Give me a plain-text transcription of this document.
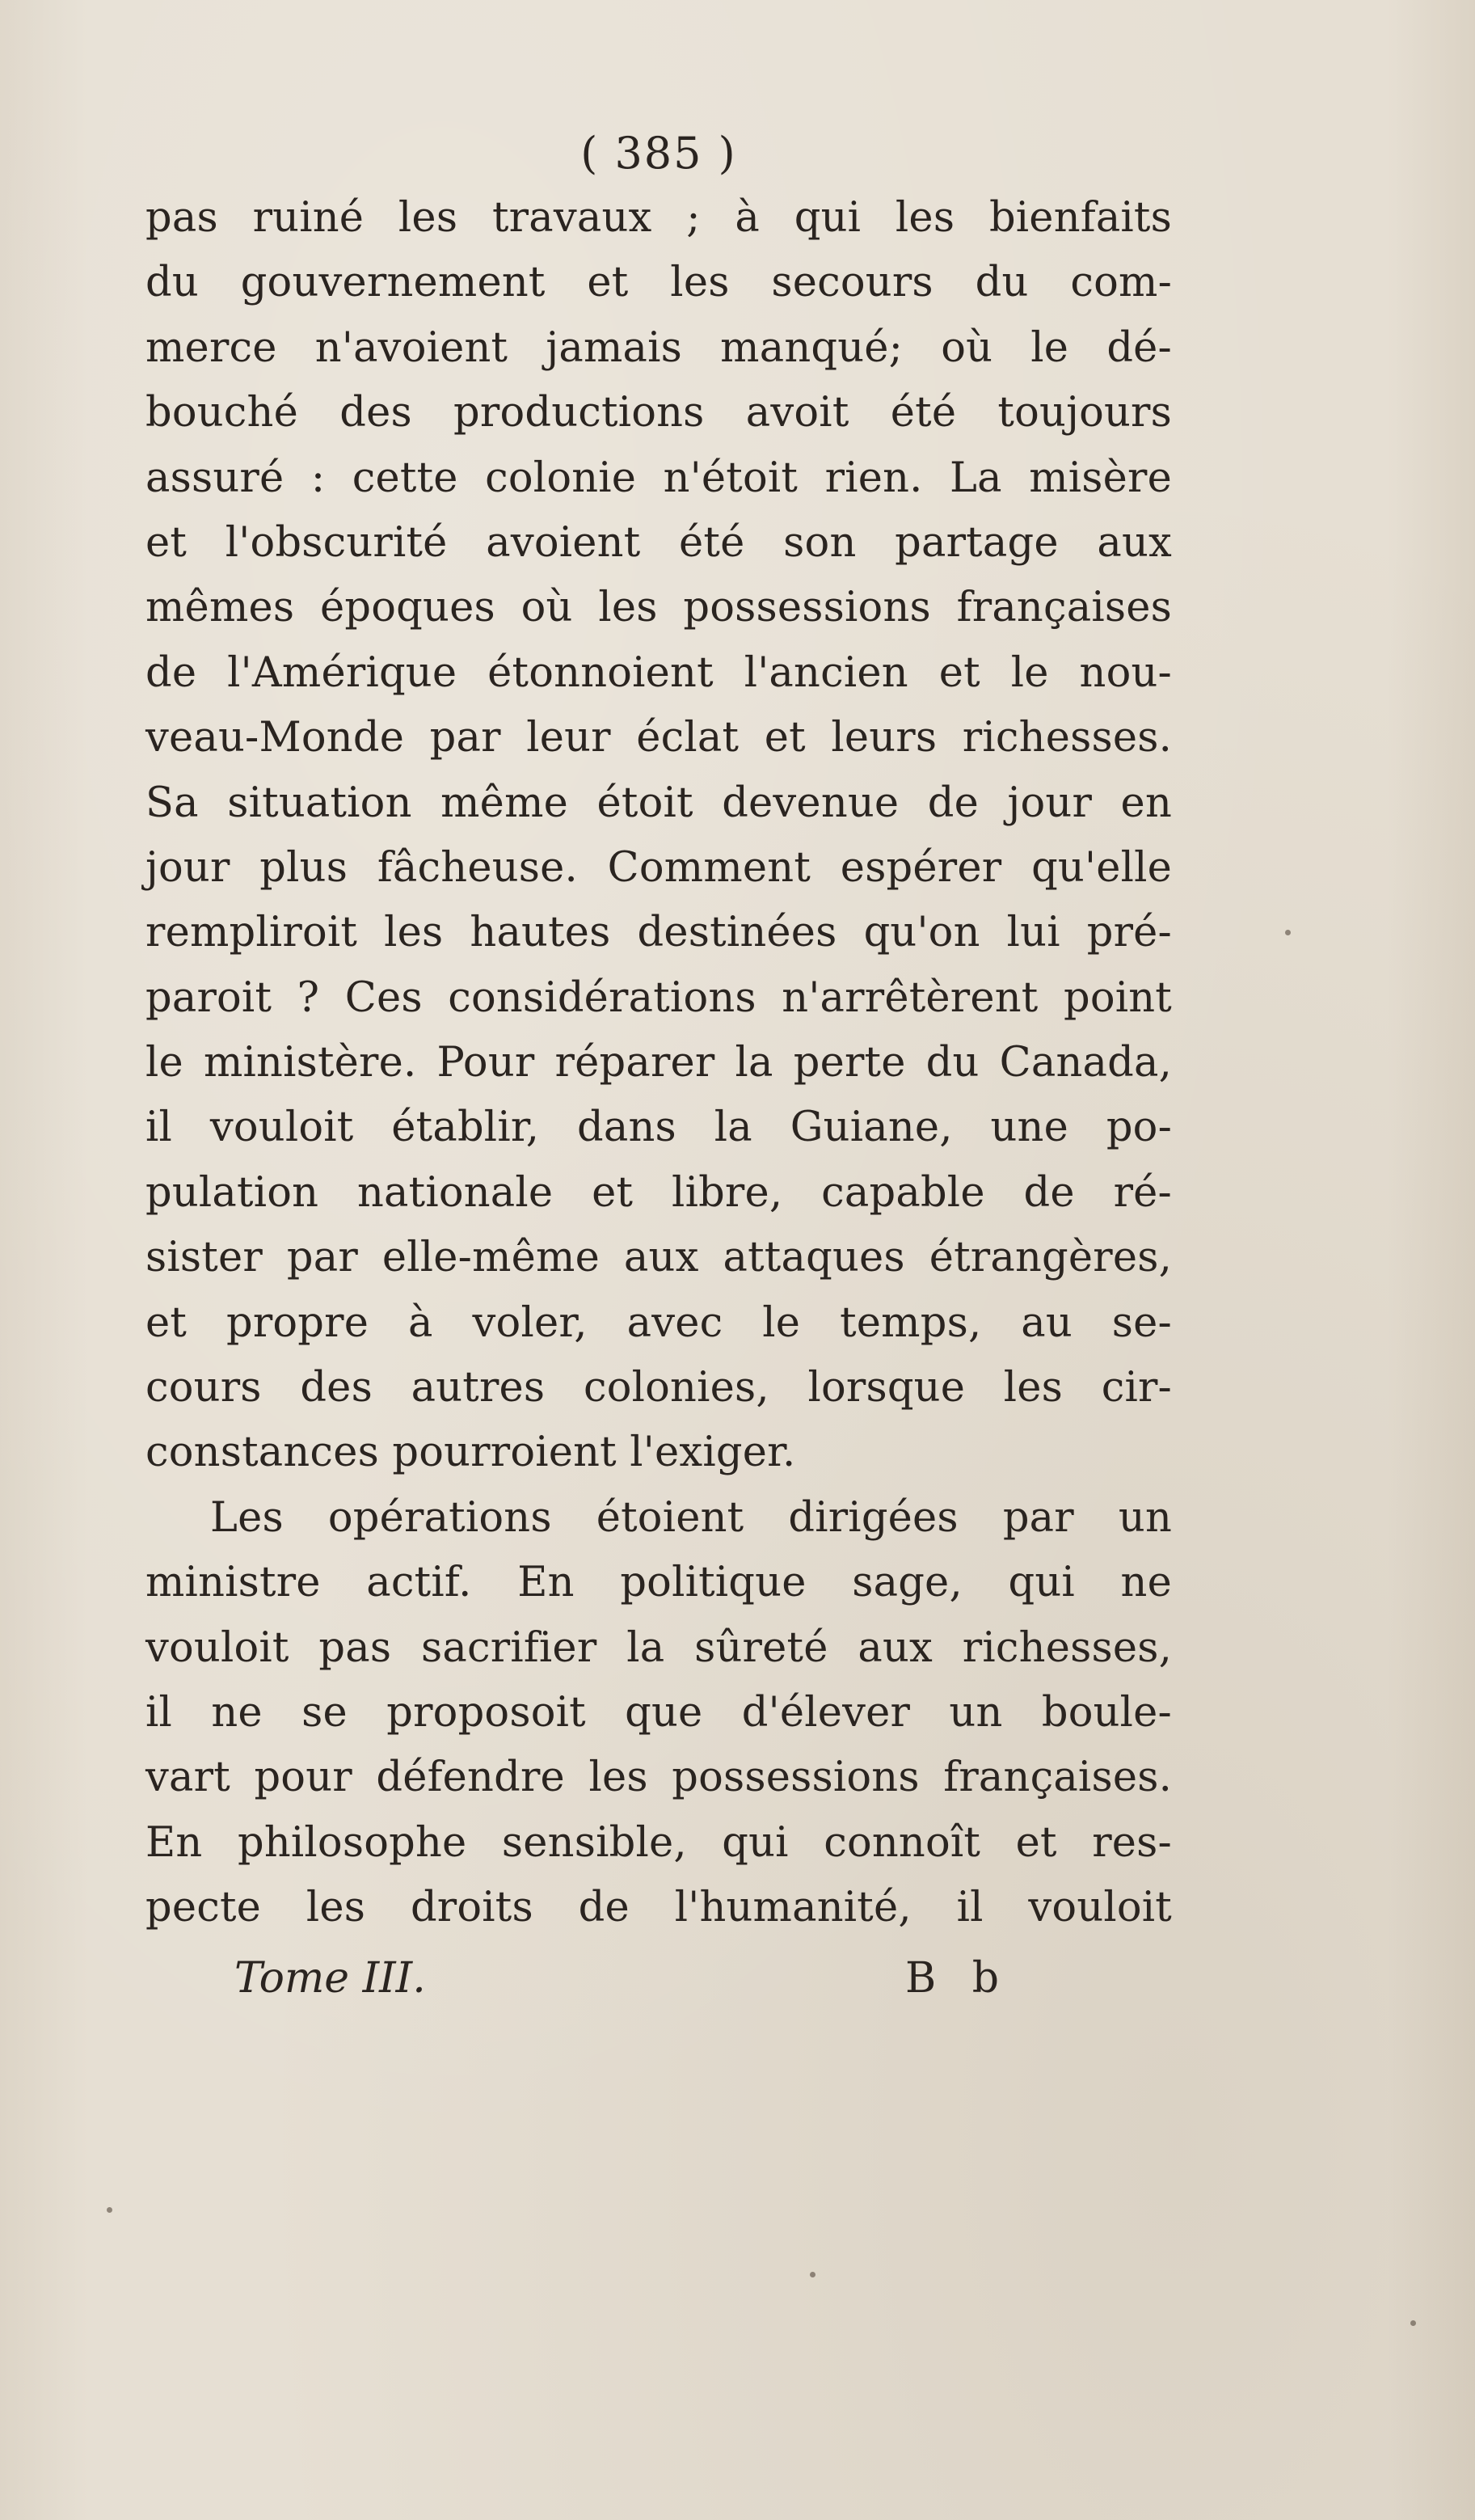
( 385 )
pas ruiné les travaux ; à qui les bienfaits
du gouvernement et les secours du com-
merce n'avoient jamais manqué; où le dé-
bouché des productions avoit été toujours
assuré : cette colonie n'étoit rien. La misère
et l'obscurité avoient été son partage aux
mêmes époques où les possessions françaises
de l'Amérique étonnoient l'ancien et le nou-
veau-Monde par leur éclat et leurs richesses.
Sa situation même étoit devenue de jour en
jour plus fâcheuse. Comment espérer qu'elle
rempliroit les hautes destinées qu'on lui pré-
paroit ? Ces considérations n'arrêtèrent point
le ministère. Pour réparer la perte du Canada,
il vouloit établir, dans la Guiane, une po-
pulation nationale et libre, capable de ré-
sister par elle-même aux attaques étrangères,
et propre à voler, avec le temps, au se-
cours des autres colonies, lorsque les cir-
constances pourroient l'exiger.
Les opérations étoient dirigées par un
ministre actif. En politique sage, qui ne
vouloit pas sacrifier la sûreté aux richesses,
il ne se proposoit que d'élever un boule-
vart pour défendre les possessions françaises.
En philosophe sensible, qui connoît et res-
pecte les droits de l'humanité, il vouloit
Tome III.	B b
